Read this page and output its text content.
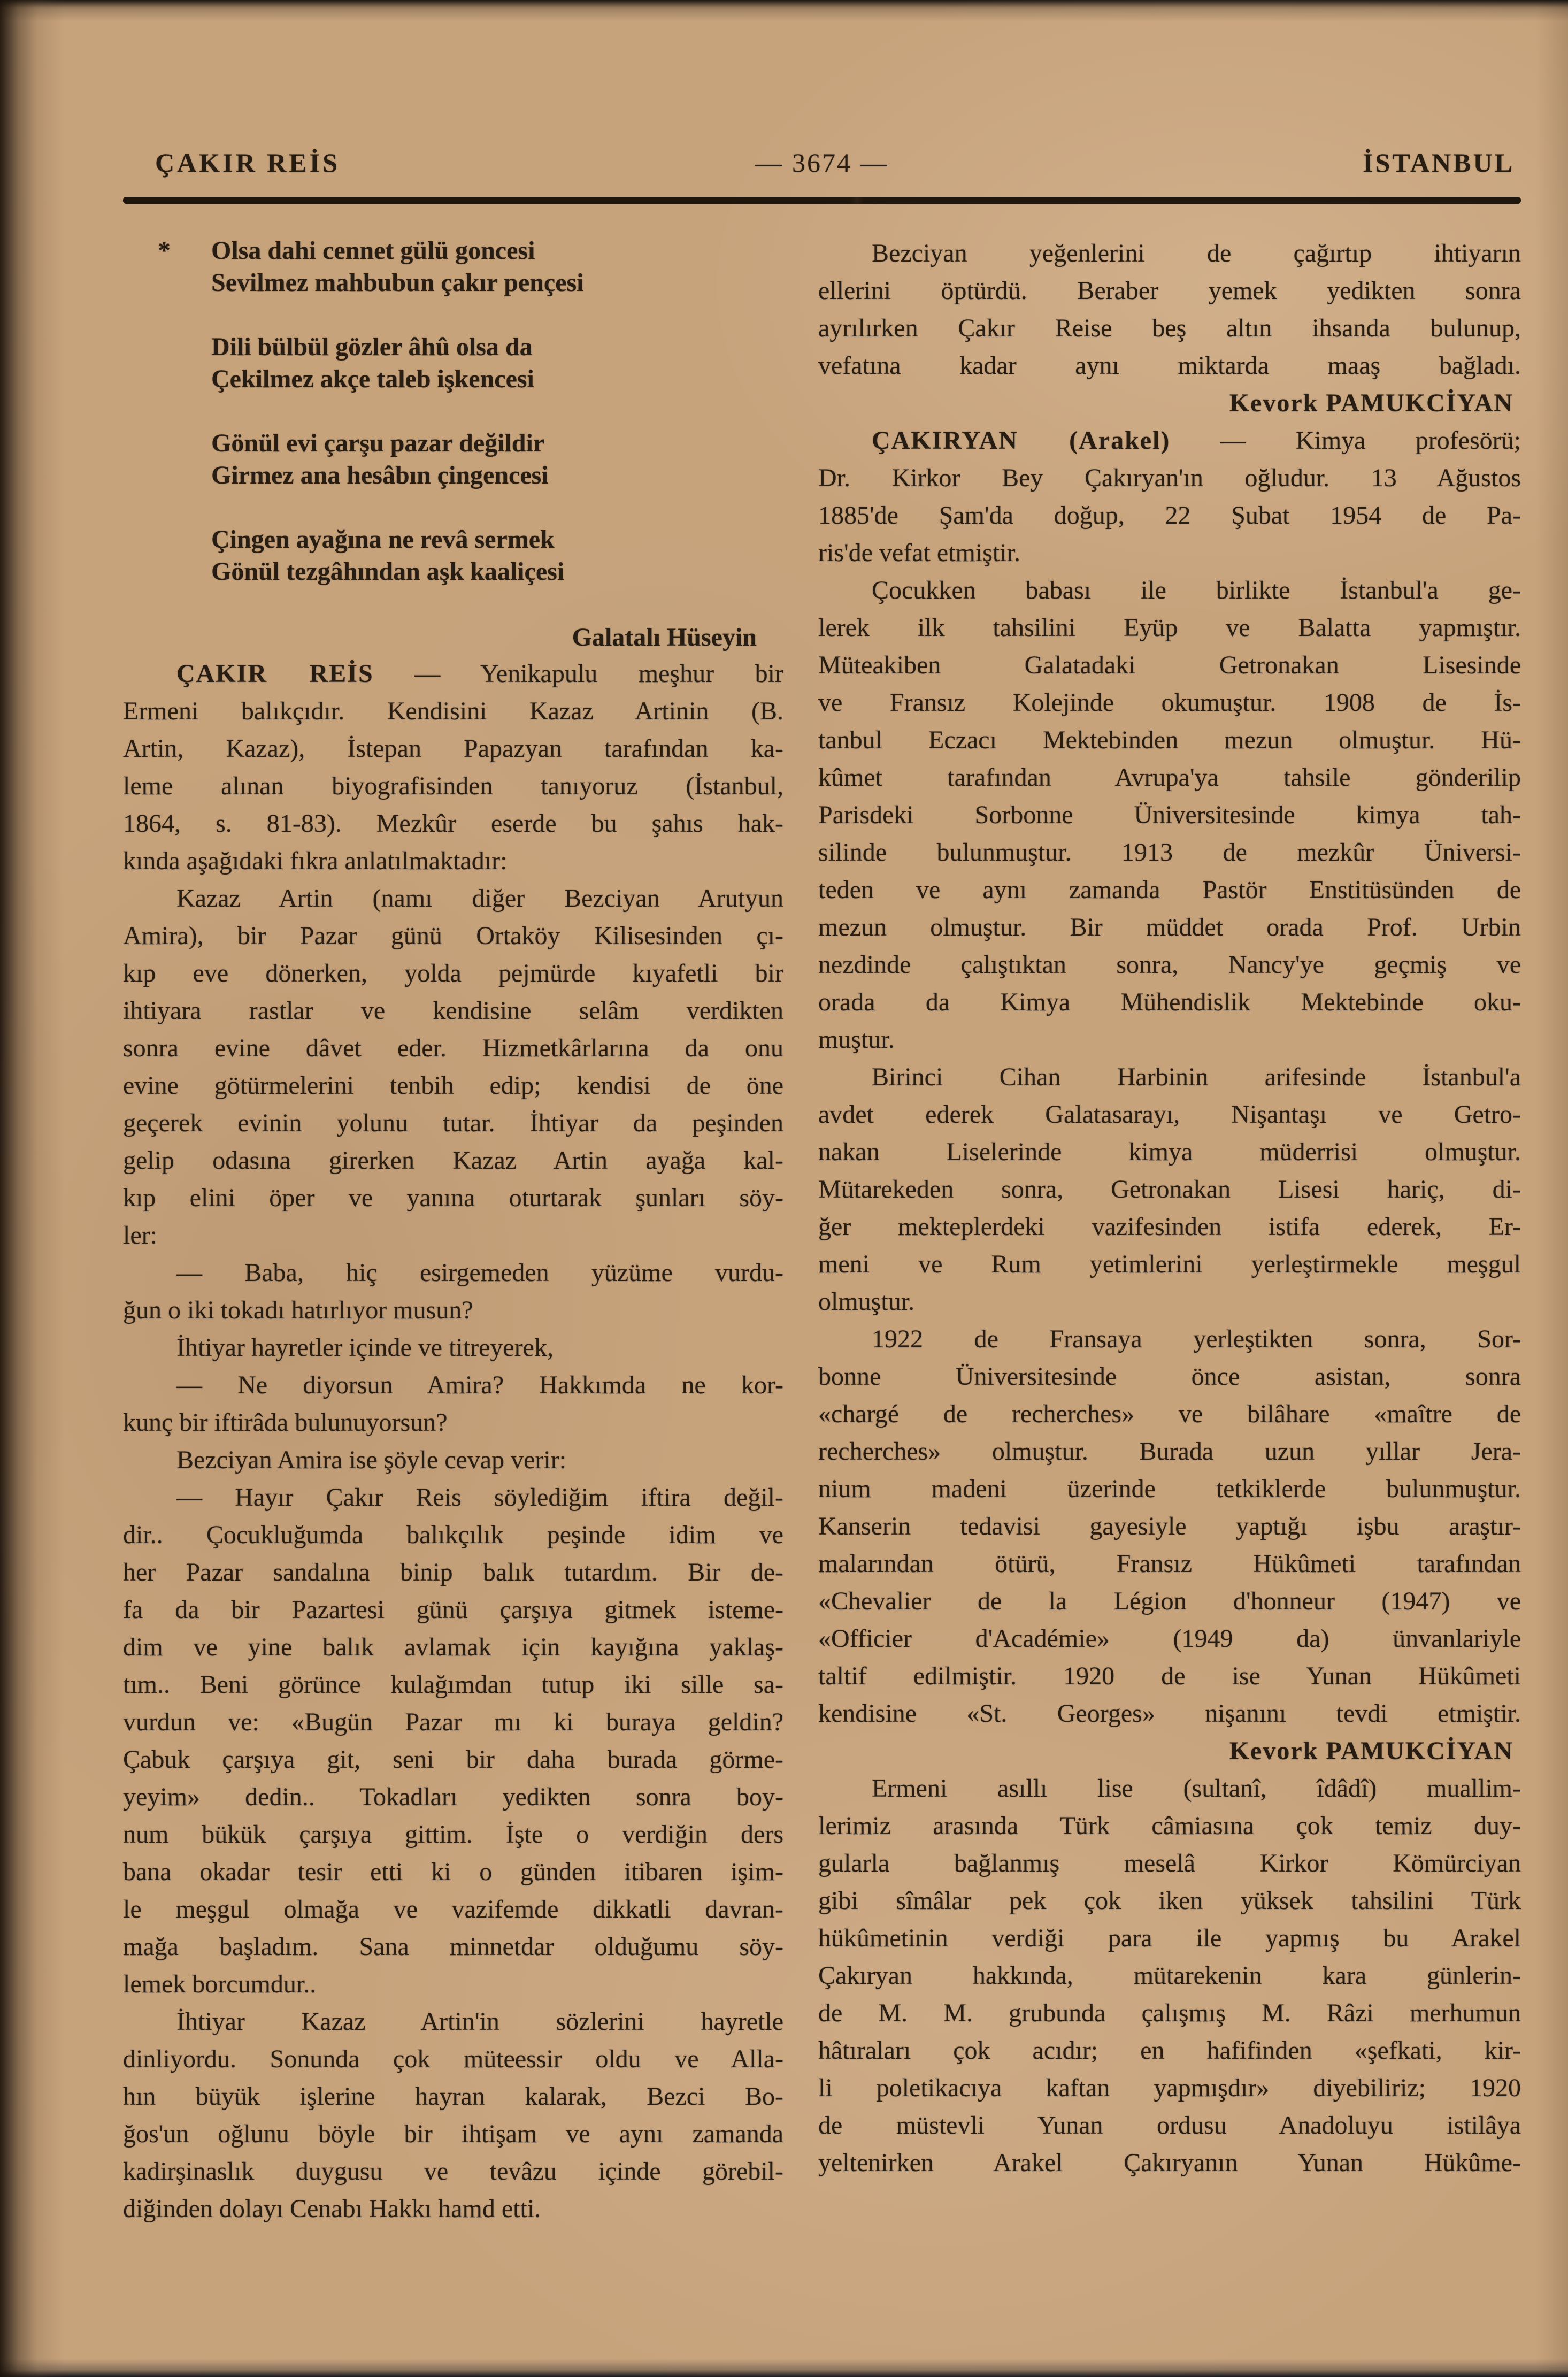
ÇAKIR REİS	— 3674 —	İSTANBUL
* Olsa dahi cennet gülü goncesi
Sevilmez mahbubun çakır pençesi
Dili bülbül gözler âhû olsa da
Çekilmez akçe taleb işkencesi
Gönül evi çarşu pazar değildir
Girmez ana hesâbın çingencesi
Çingen ayağına ne revâ sermek
Gönül tezgâhından aşk kaaliçesi
Galatalı Hüseyin
ÇAKIR REİS — Yenikapulu meşhur bir
Ermeni balıkçıdır. Kendisini Kazaz Artinin (B.
Artin, Kazaz), İstepan Papazyan tarafından ka-
leme alınan biyografisinden tanıyoruz (İstanbul,
1864, s. 81-83). Mezkûr eserde bu şahıs hak-
kında aşağıdaki fıkra anlatılmaktadır:
Kazaz Artin (namı diğer Bezciyan Arutyun
Amira), bir Pazar günü Ortaköy Kilisesinden çı-
kıp eve dönerken, yolda pejmürde kıyafetli bir
ihtiyara rastlar ve kendisine selâm verdikten
sonra evine dâvet eder. Hizmetkârlarına da onu
evine götürmelerini tenbih edip; kendisi de öne
geçerek evinin yolunu tutar. İhtiyar da peşinden
gelip odasına girerken Kazaz Artin ayağa kal-
kıp elini öper ve yanına oturtarak şunları söy-
ler:
— Baba, hiç esirgemeden yüzüme vurdu-
ğun o iki tokadı hatırlıyor musun?
İhtiyar hayretler içinde ve titreyerek,
— Ne diyorsun Amira? Hakkımda ne kor-
kunç bir iftirâda bulunuyorsun?
Bezciyan Amira ise şöyle cevap verir:
— Hayır Çakır Reis söylediğim iftira değil-
dir.. Çocukluğumda balıkçılık peşinde idim ve
her Pazar sandalına binip balık tutardım. Bir de-
fa da bir Pazartesi günü çarşıya gitmek isteme-
dim ve yine balık avlamak için kayığına yaklaş-
tım.. Beni görünce kulağımdan tutup iki sille sa-
vurdun ve: «Bugün Pazar mı ki buraya geldin?
Çabuk çarşıya git, seni bir daha burada görme-
yeyim» dedin.. Tokadları yedikten sonra boy-
num bükük çarşıya gittim. İşte o verdiğin ders
bana okadar tesir etti ki o günden itibaren işim-
le meşgul olmağa ve vazifemde dikkatli davran-
mağa başladım. Sana minnetdar olduğumu söy-
lemek borcumdur..
İhtiyar Kazaz Artin'in sözlerini hayretle
dinliyordu. Sonunda çok müteessir oldu ve Alla-
hın büyük işlerine hayran kalarak, Bezci Bo-
ğos'un oğlunu böyle bir ihtişam ve aynı zamanda
kadirşinaslık duygusu ve tevâzu içinde görebil-
diğinden dolayı Cenabı Hakkı hamd etti.
Bezciyan yeğenlerini de çağırtıp ihtiyarın
ellerini öptürdü. Beraber yemek yedikten sonra
ayrılırken Çakır Reise beş altın ihsanda bulunup,
vefatına kadar aynı miktarda maaş bağladı.
Kevork PAMUKCİYAN
ÇAKIRYAN (Arakel) — Kimya profesörü;
Dr. Kirkor Bey Çakıryan'ın oğludur. 13 Ağustos
1885'de Şam'da doğup, 22 Şubat 1954 de Pa-
ris'de vefat etmiştir.
Çocukken babası ile birlikte İstanbul'a ge-
lerek ilk tahsilini Eyüp ve Balatta yapmıştır.
Müteakiben Galatadaki Getronakan Lisesinde
ve Fransız Kolejinde okumuştur. 1908 de İs-
tanbul Eczacı Mektebinden mezun olmuştur. Hü-
kûmet tarafından Avrupa'ya tahsile gönderilip
Parisdeki Sorbonne Üniversitesinde kimya tah-
silinde bulunmuştur. 1913 de mezkûr Üniversi-
teden ve aynı zamanda Pastör Enstitüsünden de
mezun olmuştur. Bir müddet orada Prof. Urbin
nezdinde çalıştıktan sonra, Nancy'ye geçmiş ve
orada da Kimya Mühendislik Mektebinde oku-
muştur.
Birinci Cihan Harbinin arifesinde İstanbul'a
avdet ederek Galatasarayı, Nişantaşı ve Getro-
nakan Liselerinde kimya müderrisi olmuştur.
Mütarekeden sonra, Getronakan Lisesi hariç, di-
ğer mekteplerdeki vazifesinden istifa ederek, Er-
meni ve Rum yetimlerini yerleştirmekle meşgul
olmuştur.
1922 de Fransaya yerleştikten sonra, Sor-
bonne Üniversitesinde önce asistan, sonra
«chargé de recherches» ve bilâhare «maître de
recherches» olmuştur. Burada uzun yıllar Jera-
nium madeni üzerinde tetkiklerde bulunmuştur.
Kanserin tedavisi gayesiyle yaptığı işbu araştır-
malarından ötürü, Fransız Hükûmeti tarafından
«Chevalier de la Légion d'honneur (1947) ve
«Officier d'Académie» (1949 da) ünvanlariyle
taltif edilmiştir. 1920 de ise Yunan Hükûmeti
kendisine «St. Georges» nişanını tevdi etmiştir.
Kevork PAMUKCİYAN
Ermeni asıllı lise (sultanî, îdâdî) muallim-
lerimiz arasında Türk câmiasına çok temiz duy-
gularla bağlanmış meselâ Kirkor Kömürciyan
gibi sîmâlar pek çok iken yüksek tahsilini Türk
hükûmetinin verdiği para ile yapmış bu Arakel
Çakıryan hakkında, mütarekenin kara günlerin-
de M. M. grubunda çalışmış M. Râzi merhumun
hâtıraları çok acıdır; en hafifinden «şefkati, kir-
li poletikacıya kaftan yapmışdır» diyebiliriz; 1920
de müstevli Yunan ordusu Anadoluyu istilâya
yeltenirken Arakel Çakıryanın Yunan Hükûme-
